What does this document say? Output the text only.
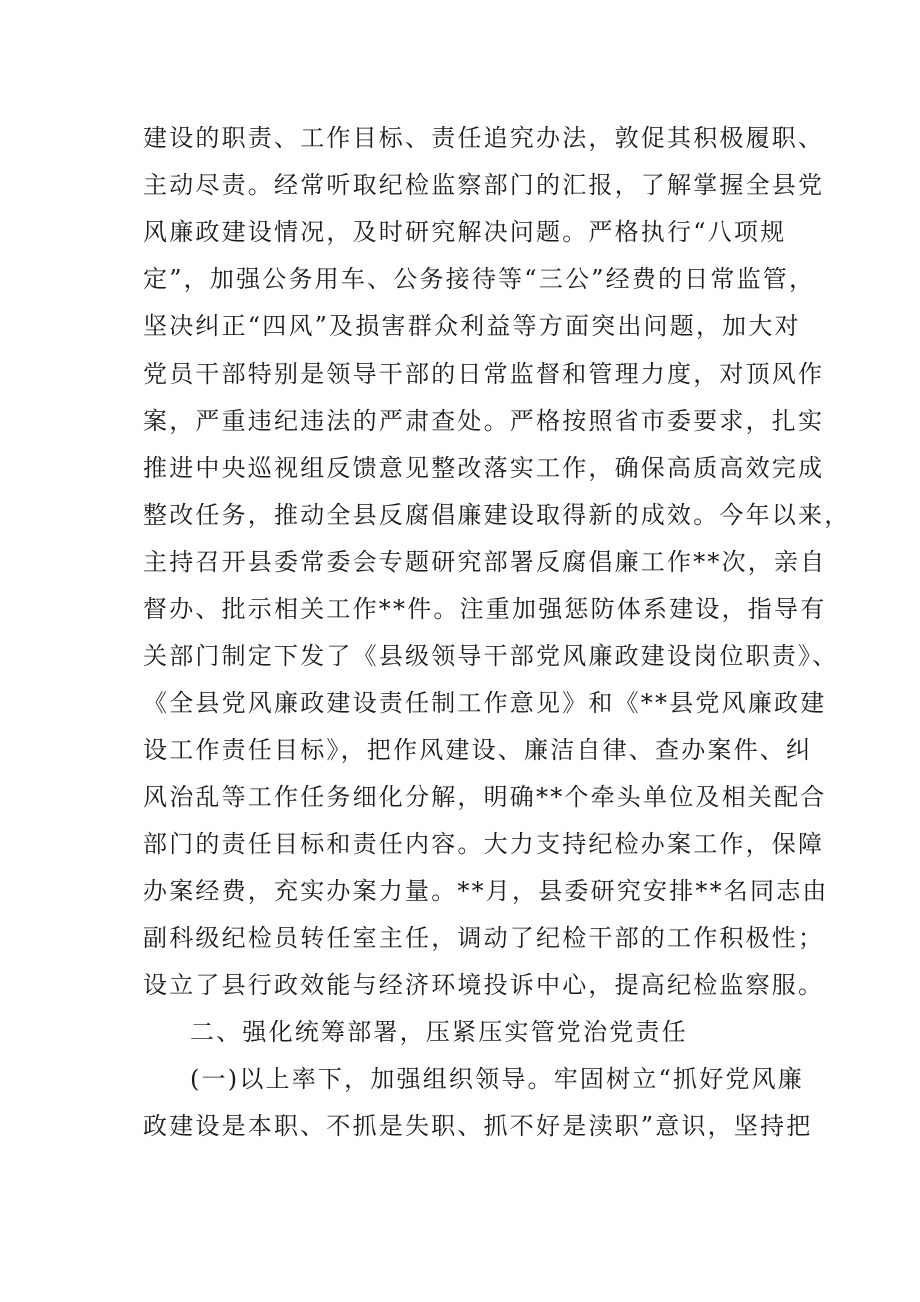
建设的职责、工作目标、责任追究办法，敦促其积极履职、
主动尽责。经常听取纪检监察部门的汇报，了解掌握全县党
风廉政建设情况，及时研究解决问题。严格执行“八项规
定”，加强公务用车、公务接待等“三公”经费的日常监管，
坚决纠正“四风”及损害群众利益等方面突出问题，加大对
党员干部特别是领导干部的日常监督和管理力度，对顶风作
案，严重违纪违法的严肃查处。严格按照省市委要求，扎实
推进中央巡视组反馈意见整改落实工作，确保高质高效完成
整改任务，推动全县反腐倡廉建设取得新的成效。今年以来，
主持召开县委常委会专题研究部署反腐倡廉工作**次，亲自
督办、批示相关工作**件。注重加强惩防体系建设，指导有
关部门制定下发了《县级领导干部党风廉政建设岗位职责》、
《全县党风廉政建设责任制工作意见》和《**县党风廉政建
设工作责任目标》，把作风建设、廉洁自律、查办案件、纠
风治乱等工作任务细化分解，明确**个牵头单位及相关配合
部门的责任目标和责任内容。大力支持纪检办案工作，保障
办案经费，充实办案力量。**月，县委研究安排**名同志由
副科级纪检员转任室主任，调动了纪检干部的工作积极性；
设立了县行政效能与经济环境投诉中心，提高纪检监察服。
二、强化统筹部署，压紧压实管党治党责任
(一)以上率下，加强组织领导。牢固树立“抓好党风廉
政建设是本职、不抓是失职、抓不好是渎职”意识，坚持把
